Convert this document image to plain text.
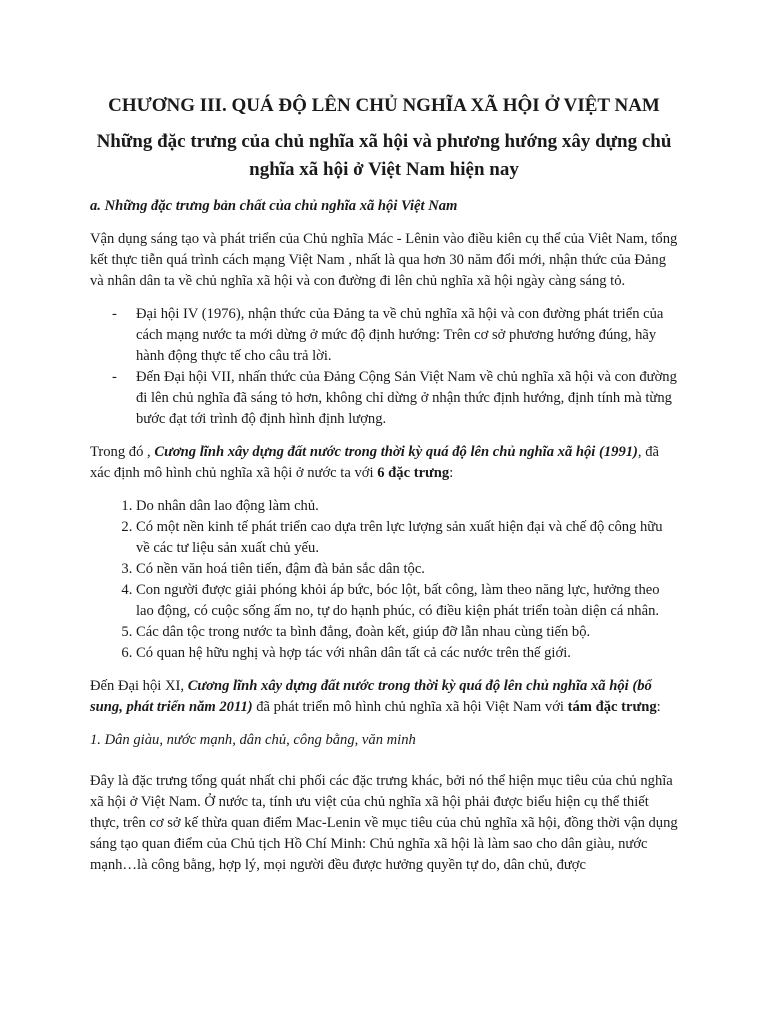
CHƯƠNG III. QUÁ ĐỘ LÊN CHỦ NGHĨA XÃ HỘI Ở VIỆT NAM
Những đặc trưng của chủ nghĩa xã hội và phương hướng xây dựng chủ nghĩa xã hội ở Việt Nam hiện nay

a. Những đặc trưng bản chất của chủ nghĩa xã hội Việt Nam

Vận dụng sáng tạo và phát triển của Chủ nghĩa Mác - Lênin vào điều kiên cụ thể của Viêt Nam, tổng kết thực tiễn quá trình cách mạng Việt Nam , nhất là qua hơn 30 năm đổi mới, nhận thức của Đảng và nhân dân ta về chủ nghĩa xã hội và con đường đi lên chủ nghĩa xã hội ngày càng sáng tỏ.

- Đại hội IV (1976), nhận thức của Đảng ta về chủ nghĩa xã hội và con đường phát triển của cách mạng nước ta mới dừng ở mức độ định hướng: Trên cơ sở phương hướng đúng, hãy hành động thực tế cho câu trả lời.
- Đến Đại hội VII, nhấn thức của Đảng Cộng Sản Việt Nam về chủ nghĩa xã hội và con đường đi lên chủ nghĩa đã sáng tỏ hơn, không chỉ dừng ở nhận thức định hướng, định tính mà từng bước đạt tới trình độ định hình định lượng.

Trong đó , Cương lĩnh xây dựng đất nước trong thời kỳ quá độ lên chủ nghĩa xã hội (1991), đã xác định mô hình chủ nghĩa xã hội ở nước ta với 6 đặc trưng:

1. Do nhân dân lao động làm chủ.
2. Có một nền kinh tế phát triển cao dựa trên lực lượng sản xuất hiện đại và chế độ công hữu về các tư liệu sản xuất chủ yếu.
3. Có nền văn hoá tiên tiến, đậm đà bản sắc dân tộc.
4. Con người được giải phóng khỏi áp bức, bóc lột, bất công, làm theo năng lực, hưởng theo lao động, có cuộc sống ấm no, tự do hạnh phúc, có điều kiện phát triển toàn diện cá nhân.
5. Các dân tộc trong nước ta bình đẳng, đoàn kết, giúp đỡ lẫn nhau cùng tiến bộ.
6. Có quan hệ hữu nghị và hợp tác với nhân dân tất cả các nước trên thế giới.

Đến Đại hội XI, Cương lĩnh xây dựng đất nước trong thời kỳ quá độ lên chủ nghĩa xã hội (bổ sung, phát triển năm 2011) đã phát triển mô hình chủ nghĩa xã hội Việt Nam với tám đặc trưng:

1. Dân giàu, nước mạnh, dân chủ, công bằng, văn minh

Đây là đặc trưng tổng quát nhất chi phối các đặc trưng khác, bởi nó thể hiện mục tiêu của chủ nghĩa xã hội ở Việt Nam. Ở nước ta, tính ưu việt của chủ nghĩa xã hội phải được biểu hiện cụ thể thiết thực, trên cơ sở kế thừa quan điểm Mac-Lenin về mục tiêu của chủ nghĩa xã hội, đồng thời vận dụng sáng tạo quan điểm của Chủ tịch Hồ Chí Minh: Chủ nghĩa xã hội là làm sao cho dân giàu, nước mạnh…là công bằng, hợp lý, mọi người đều được hưởng quyền tự do, dân chủ, được
